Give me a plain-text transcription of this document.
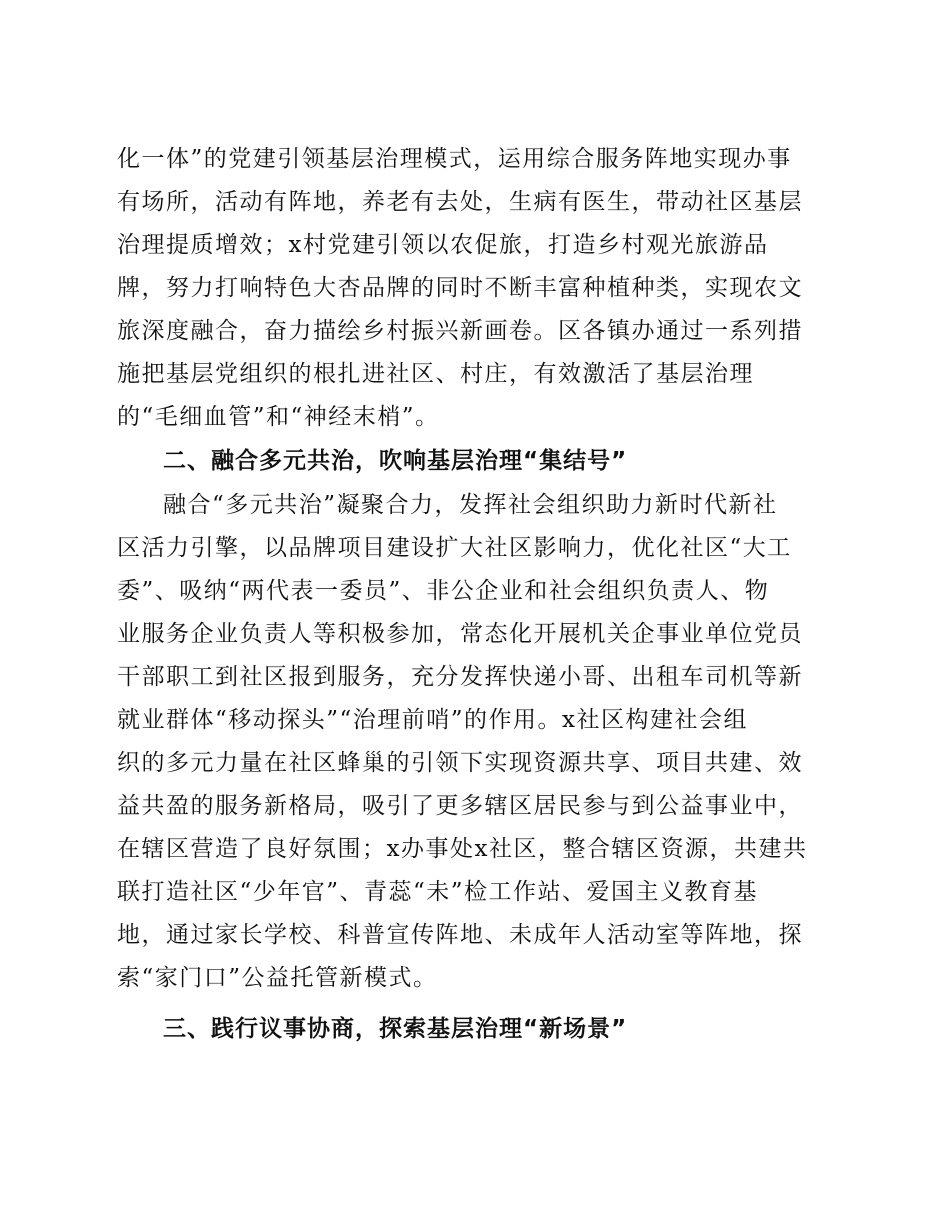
化一体”的党建引领基层治理模式，运用综合服务阵地实现办事
有场所，活动有阵地，养老有去处，生病有医生，带动社区基层
治理提质增效；x村党建引领以农促旅，打造乡村观光旅游品
牌，努力打响特色大杏品牌的同时不断丰富种植种类，实现农文
旅深度融合，奋力描绘乡村振兴新画卷。区各镇办通过一系列措
施把基层党组织的根扎进社区、村庄，有效激活了基层治理
的“毛细血管”和“神经末梢”。
二、融合多元共治，吹响基层治理“集结号”
融合“多元共治”凝聚合力，发挥社会组织助力新时代新社
区活力引擎，以品牌项目建设扩大社区影响力，优化社区“大工
委”、吸纳“两代表一委员”、非公企业和社会组织负责人、物
业服务企业负责人等积极参加，常态化开展机关企事业单位党员
干部职工到社区报到服务，充分发挥快递小哥、出租车司机等新
就业群体“移动探头”“治理前哨”的作用。x社区构建社会组
织的多元力量在社区蜂巢的引领下实现资源共享、项目共建、效
益共盈的服务新格局，吸引了更多辖区居民参与到公益事业中，
在辖区营造了良好氛围；x办事处x社区，整合辖区资源，共建共
联打造社区“少年官”、青蕊“未”检工作站、爱国主义教育基
地，通过家长学校、科普宣传阵地、未成年人活动室等阵地，探
索“家门口”公益托管新模式。
三、践行议事协商，探索基层治理“新场景”
